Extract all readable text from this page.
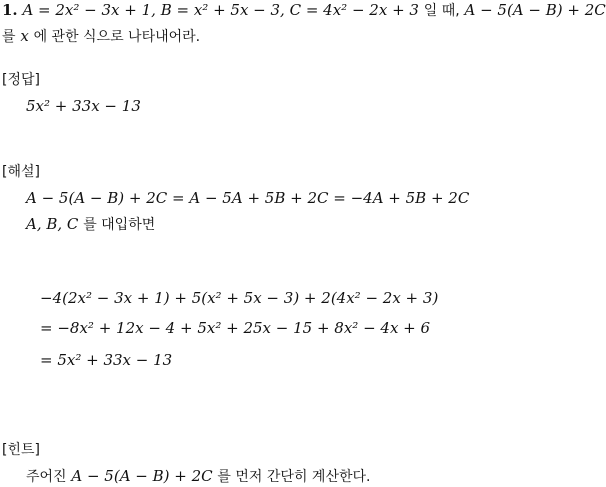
1. A = 2x² − 3x + 1, B = x² + 5x − 3, C = 4x² − 2x + 3 일 때, A − 5(A − B) + 2C
를 x 에 관한 식으로 나타내어라.
[정답]
5x² + 33x − 13
[해설]
A − 5(A − B) + 2C = A − 5A + 5B + 2C = −4A + 5B + 2C
A, B, C 를 대입하면
−4(2x² − 3x + 1) + 5(x² + 5x − 3) + 2(4x² − 2x + 3)
= −8x² + 12x − 4 + 5x² + 25x − 15 + 8x² − 4x + 6
= 5x² + 33x − 13
[힌트]
주어진 A − 5(A − B) + 2C 를 먼저 간단히 계산한다.
